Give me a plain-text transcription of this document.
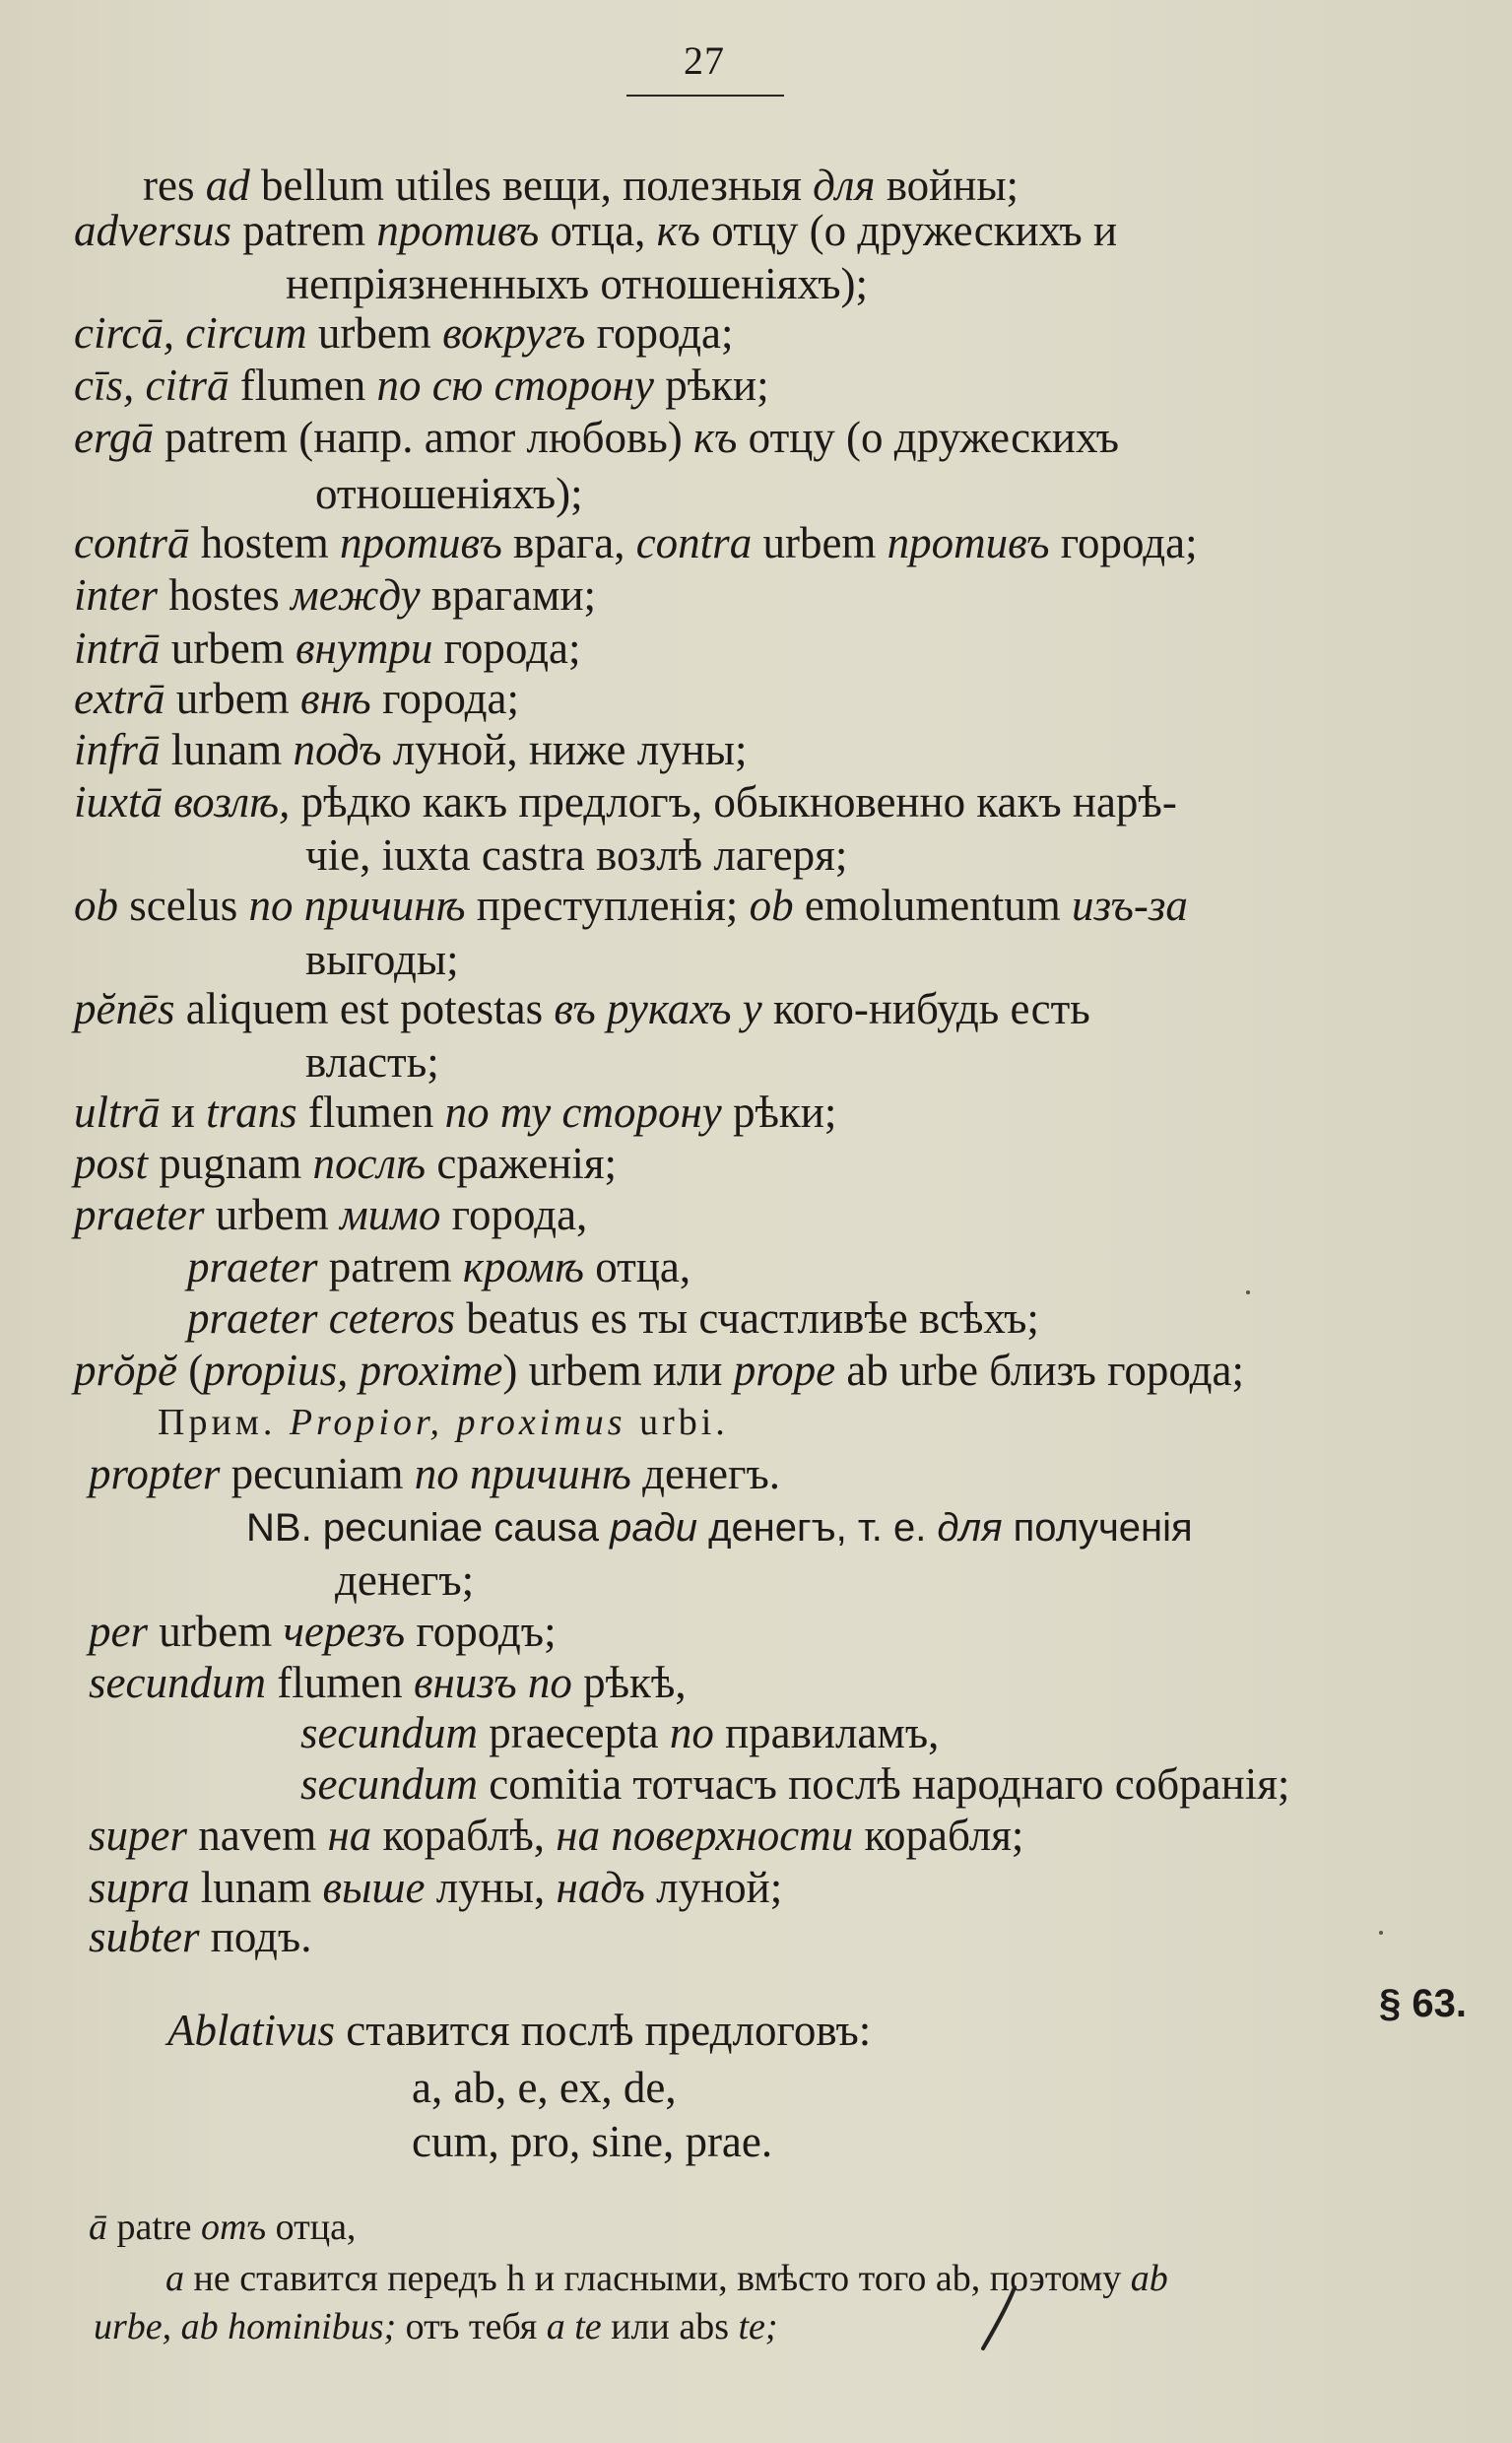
27
res ad bellum utiles вещи, полезныя для войны;
adversus patrem противъ отца, къ отцу (о дружескихъ и
непріязненныхъ отношеніяхъ);
circā, circum urbem вокругъ города;
cīs, citrā flumen по сю сторону рѣки;
ergā patrem (напр. amor любовь) къ отцу (о дружескихъ
отношеніяхъ);
contrā hostem противъ врага, contra urbem противъ города;
inter hostes между врагами;
intrā urbem внутри города;
extrā urbem внѣ города;
infrā lunam подъ луной, ниже луны;
iuxtā возлѣ, рѣдко какъ предлогъ, обыкновенно какъ нарѣ-
чіе, iuxta castra возлѣ лагеря;
ob scelus по причинѣ преступленія; ob emolumentum изъ-за
выгоды;
pĕnēs aliquem est potestas въ рукахъ у кого-нибудь есть
власть;
ultrā и trans flumen по ту сторону рѣки;
post pugnam послѣ сраженія;
praeter urbem мимо города,
praeter patrem кромѣ отца,
praeter ceteros beatus es ты счастливѣе всѣхъ;
prŏpĕ (propius, proxime) urbem или prope ab urbe близъ города;
Прим. Propior, proximus urbi.
propter pecuniam по причинѣ денегъ.
NB. pecuniae causa ради денегъ, т. е. для полученія
денегъ;
per urbem черезъ городъ;
secundum flumen внизъ по рѣкѣ,
secundum praecepta по правиламъ,
secundum comitia тотчасъ послѣ народнаго собранія;
super navem на кораблѣ, на поверхности корабля;
supra lunam выше луны, надъ луной;
subter подъ.
Ablativus ставится послѣ предлоговъ:
a, ab, e, ex, de,
cum, pro, sine, prae.
ā patre отъ отца,
a не ставится передъ h и гласными, вмѣсто того ab, поэтому ab
urbe, ab hominibus; отъ тебя a te или abs te;
§ 63.
